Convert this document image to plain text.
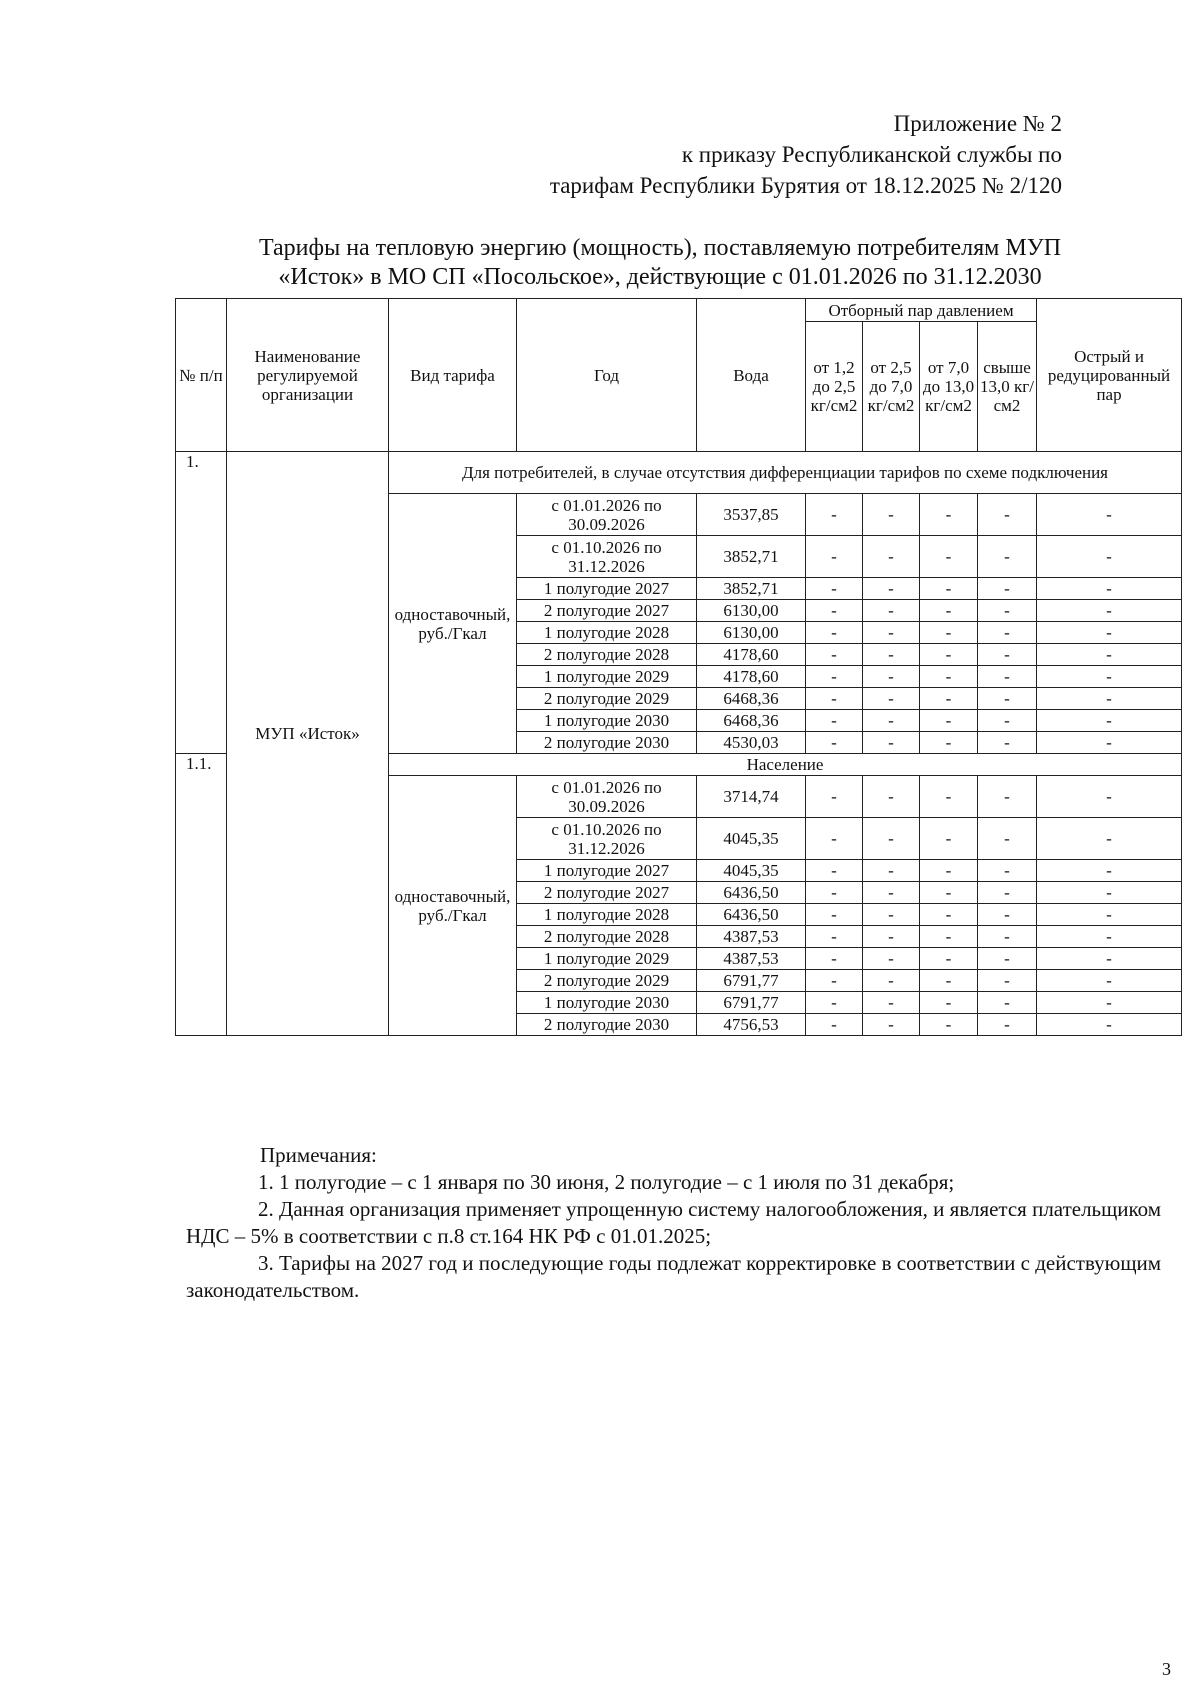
Приложение № 2
к приказу Республиканской службы по
тарифам Республики Бурятия от 18.12.2025 № 2/120
Тарифы на тепловую энергию (мощность), поставляемую потребителям МУП
«Исток» в МО СП «Посольское», действующие с 01.01.2026 по 31.12.2030
№ п/п	Наименование регулируемой организации	Вид тарифа	Год	Вода	Отборный пар давлением				Острый и редуцированный пар
					от 1,2 до 2,5 кг/см2	от 2,5 до 7,0 кг/см2	от 7,0 до 13,0 кг/см2	свыше 13,0 кг/см2	
1.	МУП «Исток»	Для потребителей, в случае отсутствия дифференциации тарифов по схеме подключения							
		одноставочный, руб./Гкал	с 01.01.2026 по 30.09.2026	3537,85	-	-	-	-	-
			с 01.10.2026 по 31.12.2026	3852,71	-	-	-	-	-
			1 полугодие 2027	3852,71	-	-	-	-	-
			2 полугодие 2027	6130,00	-	-	-	-	-
			1 полугодие 2028	6130,00	-	-	-	-	-
			2 полугодие 2028	4178,60	-	-	-	-	-
			1 полугодие 2029	4178,60	-	-	-	-	-
			2 полугодие 2029	6468,36	-	-	-	-	-
			1 полугодие 2030	6468,36	-	-	-	-	-
			2 полугодие 2030	4530,03	-	-	-	-	-
1.1.		Население							
		одноставочный, руб./Гкал	с 01.01.2026 по 30.09.2026	3714,74	-	-	-	-	-
			с 01.10.2026 по 31.12.2026	4045,35	-	-	-	-	-
			1 полугодие 2027	4045,35	-	-	-	-	-
			2 полугодие 2027	6436,50	-	-	-	-	-
			1 полугодие 2028	6436,50	-	-	-	-	-
			2 полугодие 2028	4387,53	-	-	-	-	-
			1 полугодие 2029	4387,53	-	-	-	-	-
			2 полугодие 2029	6791,77	-	-	-	-	-
			1 полугодие 2030	6791,77	-	-	-	-	-
			2 полугодие 2030	4756,53	-	-	-	-	-

Примечания:

1. 1 полугодие – с 1 января по 30 июня, 2 полугодие – с 1 июля по 31 декабря;

2. Данная организация применяет упрощенную систему налогообложения, и является плательщиком НДС – 5% в соответствии с п.8 ст.164 НК РФ с 01.01.2025;

3. Тарифы на 2027 год и последующие годы подлежат корректировке в соответствии с действующим законодательством.

3
